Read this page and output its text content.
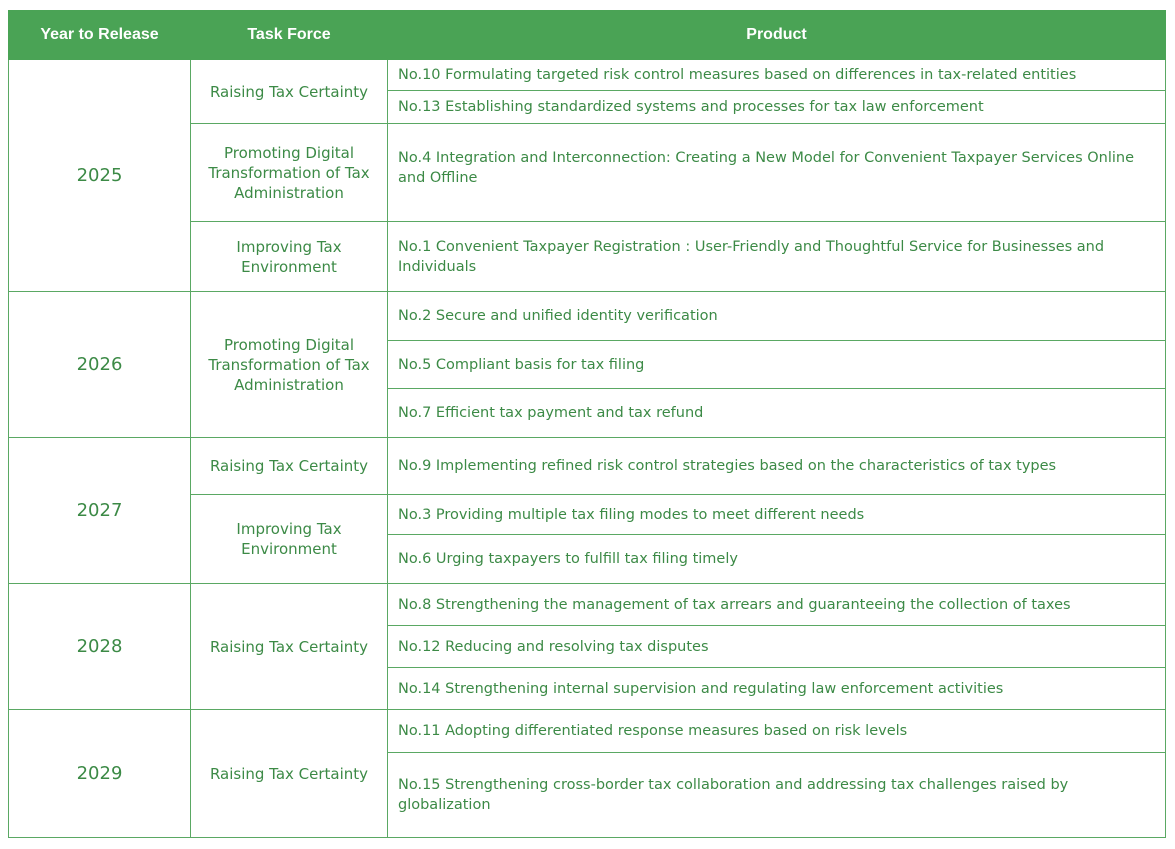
Year to Release	Task Force	Product
2025	Raising Tax Certainty	No.10 Formulating targeted risk control measures based on differences in tax-related entities
		No.13 Establishing standardized systems and processes for tax law enforcement
	Promoting Digital Transformation of Tax Administration	No.4 Integration and Interconnection: Creating a New Model for Convenient Taxpayer Services Online and Offline
	Improving Tax Environment	No.1 Convenient Taxpayer Registration : User-Friendly and Thoughtful Service for Businesses and Individuals
2026	Promoting Digital Transformation of Tax Administration	No.2 Secure and unified identity verification
		No.5 Compliant basis for tax filing
		No.7 Efficient tax payment and tax refund
2027	Raising Tax Certainty	No.9 Implementing refined risk control strategies based on the characteristics of tax types
	Improving Tax Environment	No.3 Providing multiple tax filing modes to meet different needs
		No.6 Urging taxpayers to fulfill tax filing timely
2028	Raising Tax Certainty	No.8 Strengthening the management of tax arrears and guaranteeing the collection of taxes
		No.12 Reducing and resolving tax disputes
		No.14 Strengthening internal supervision and regulating law enforcement activities
2029	Raising Tax Certainty	No.11 Adopting differentiated response measures based on risk levels
		No.15 Strengthening cross-border tax collaboration and addressing tax challenges raised by globalization
